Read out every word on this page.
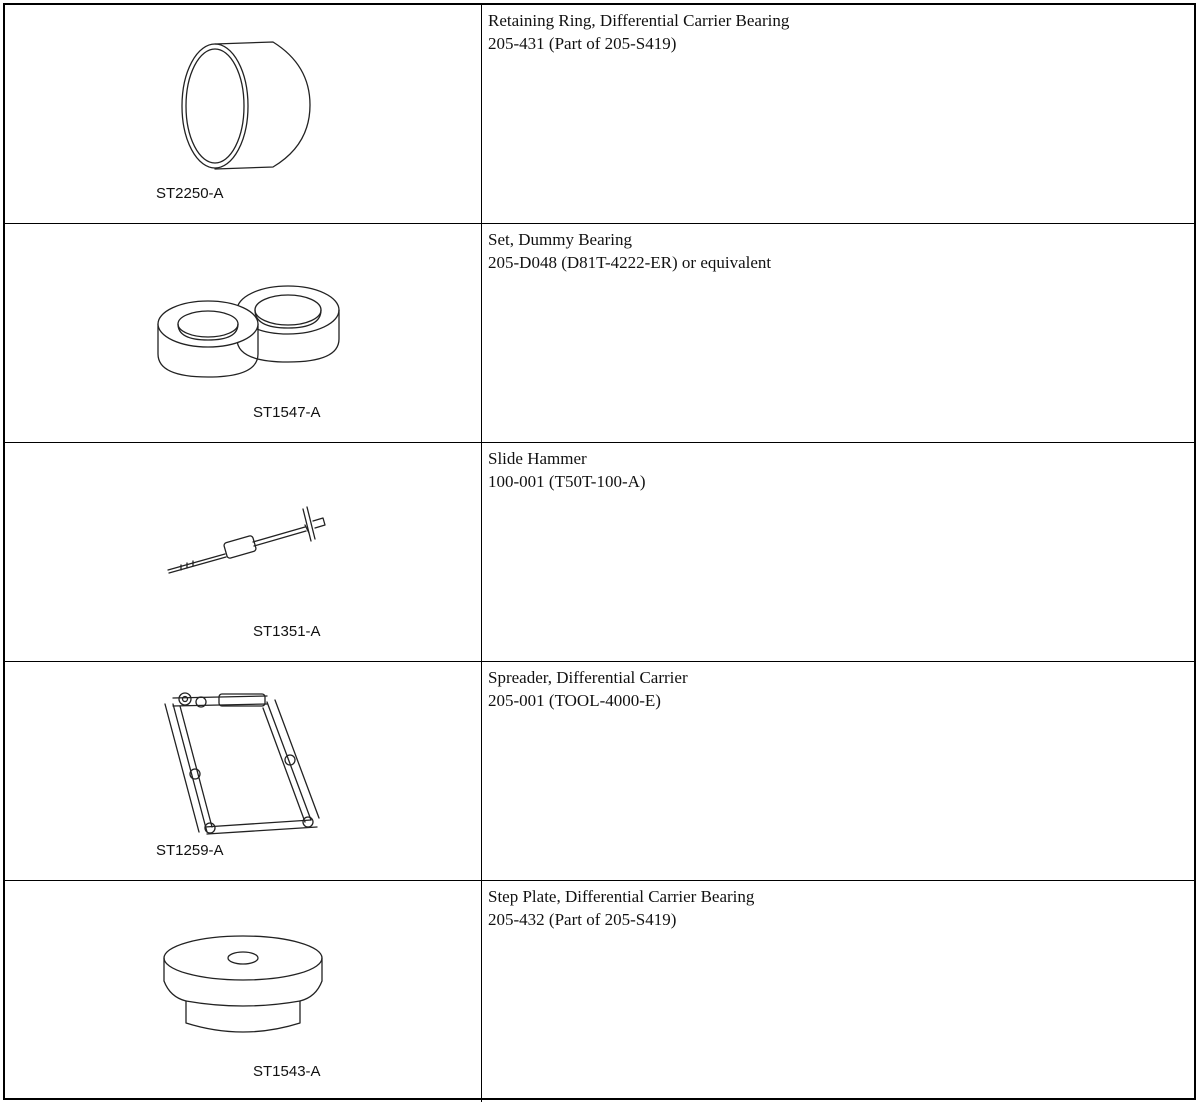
ST2250-A
Retaining Ring, Differential Carrier Bearing
205-431 (Part of 205-S419)
ST1547-A
Set, Dummy Bearing
205-D048 (D81T-4222-ER) or equivalent
ST1351-A
Slide Hammer
100-001 (T50T-100-A)
ST1259-A
Spreader, Differential Carrier
205-001 (TOOL-4000-E)
ST1543-A
Step Plate, Differential Carrier Bearing
205-432 (Part of 205-S419)
